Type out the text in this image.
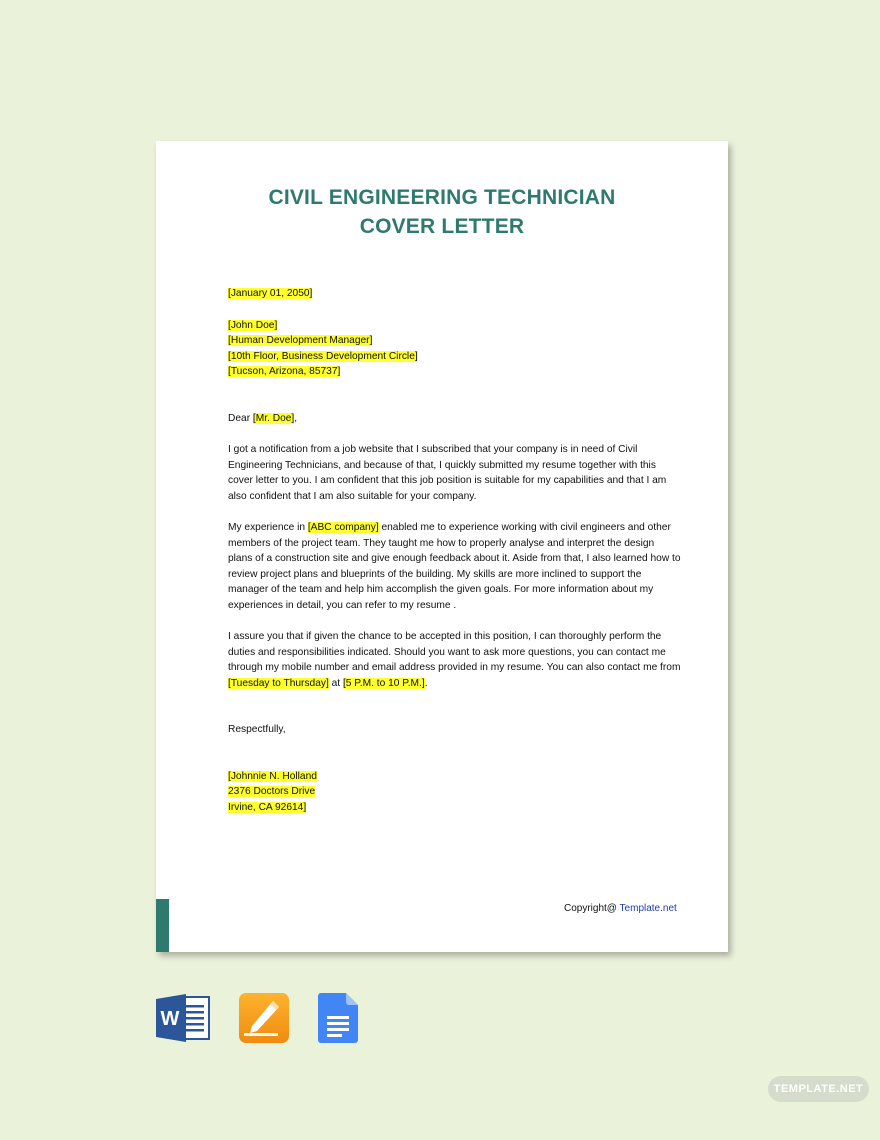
CIVIL ENGINEERING TECHNICIAN
COVER LETTER
[January 01, 2050]
[John Doe]
[Human Development Manager]
[10th Floor, Business Development Circle]
[Tucson, Arizona, 85737]
Dear [Mr. Doe],
I got a notification from a job website that I subscribed that your company is in need of Civil
Engineering Technicians, and because of that, I quickly submitted my resume together with this
cover letter to you. I am confident that this job position is suitable for my capabilities and that I am
also confident that I am also suitable for your company.
My experience in [ABC company] enabled me to experience working with civil engineers and other
members of the project team. They taught me how to properly analyse and interpret the design
plans of a construction site and give enough feedback about it. Aside from that, I also learned how to
review project plans and blueprints of the building. My skills are more inclined to support the
manager of the team and help him accomplish the given goals. For more information about my
experiences in detail, you can refer to my resume .
I assure you that if given the chance to be accepted in this position, I can thoroughly perform the
duties and responsibilities indicated. Should you want to ask more questions, you can contact me
through my mobile number and email address provided in my resume. You can also contact me from
[Tuesday to Thursday] at [5 P.M. to 10 P.M.].
Respectfully,
[Johnnie N. Holland
2376 Doctors Drive
Irvine, CA 92614]
Copyright@ Template.net
W
TEMPLATE.NET
